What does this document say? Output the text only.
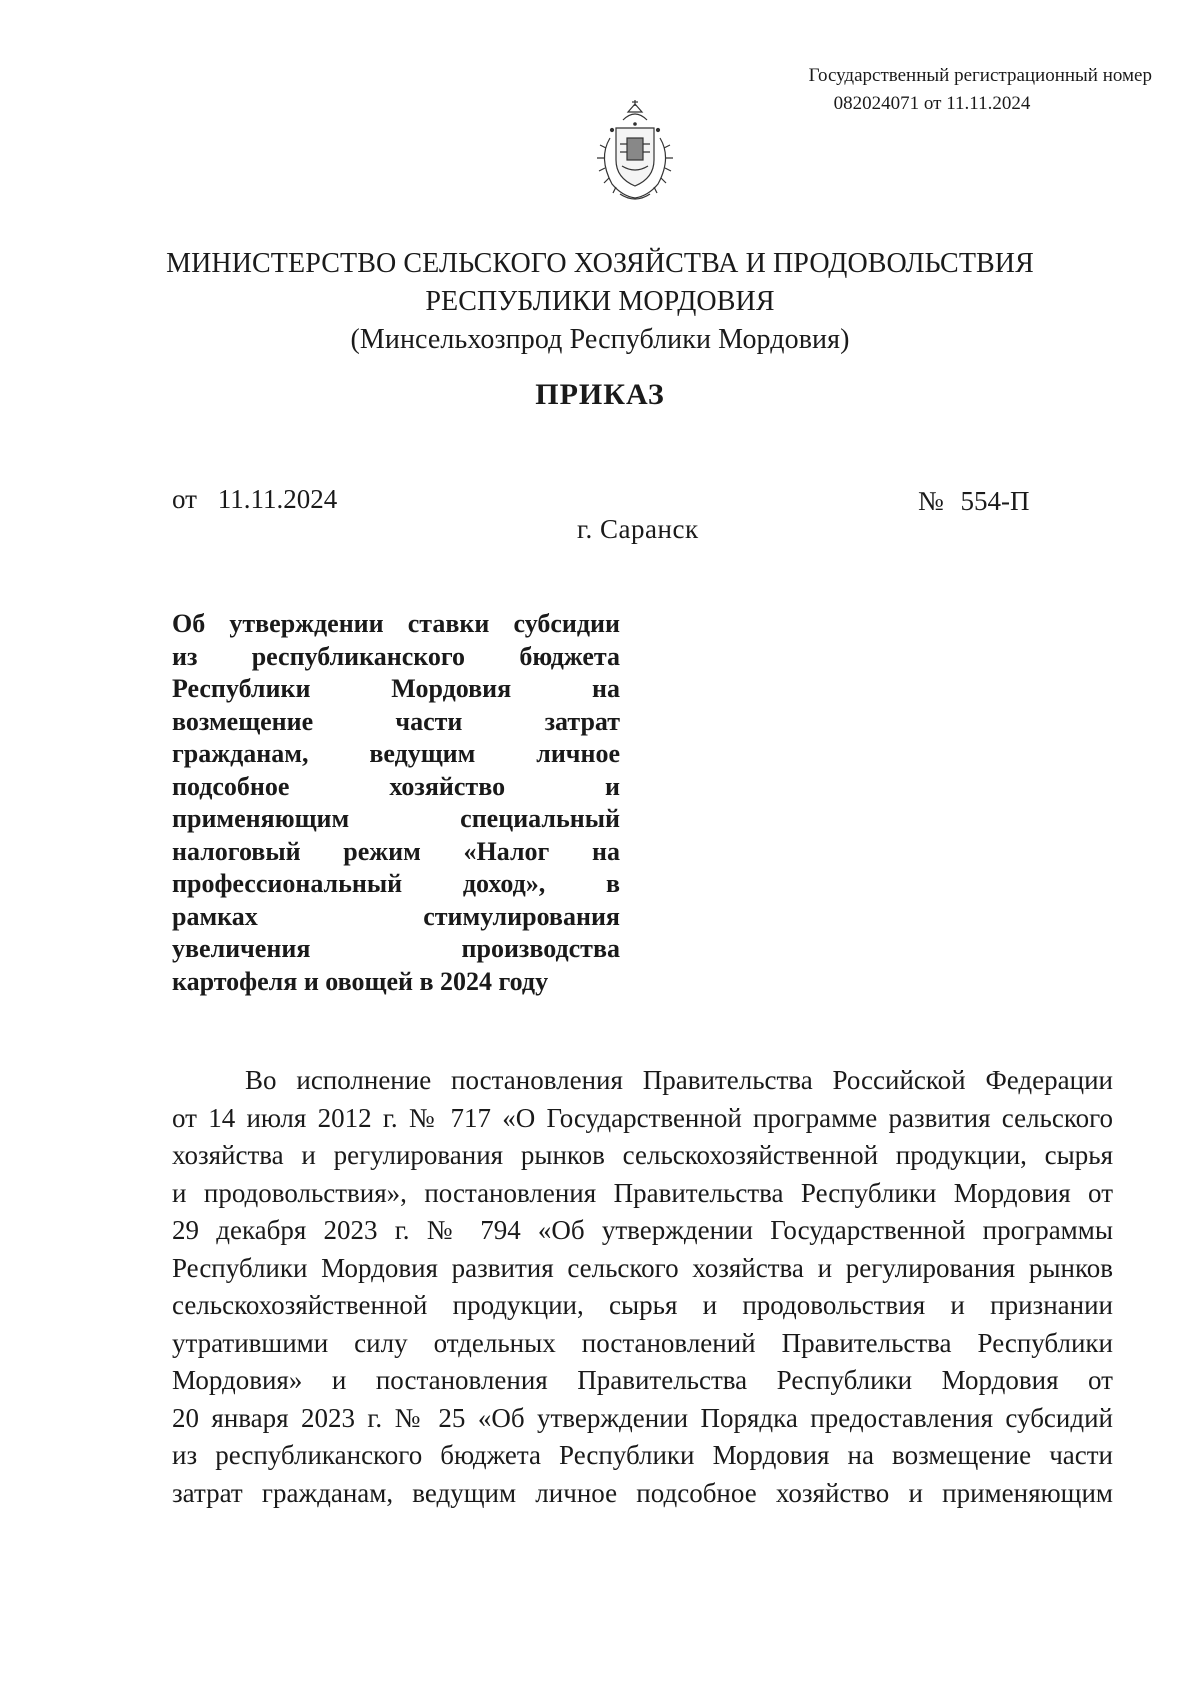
Государственный регистрационный номер
082024071 от 11.11.2024
МИНИСТЕРСТВО СЕЛЬСКОГО ХОЗЯЙСТВА И ПРОДОВОЛЬСТВИЯ
РЕСПУБЛИКИ МОРДОВИЯ
(Минсельхозпрод Республики Мордовия)
ПРИКАЗ
от 11.11.2024	№ 554-П
г. Саранск
Об утверждении ставки субсидии
из республиканского бюджета
Республики Мордовия на
возмещение части затрат
гражданам, ведущим личное
подсобное хозяйство и
применяющим специальный
налоговый режим «Налог на
профессиональный доход», в
рамках стимулирования
увеличения производства
картофеля и овощей в 2024 году
Во исполнение постановления Правительства Российской Федерации
от 14 июля 2012 г. № 717 «О Государственной программе развития сельского
хозяйства и регулирования рынков сельскохозяйственной продукции, сырья
и продовольствия», постановления Правительства Республики Мордовия от
29 декабря 2023 г. № 794 «Об утверждении Государственной программы
Республики Мордовия развития сельского хозяйства и регулирования рынков
сельскохозяйственной продукции, сырья и продовольствия и признании
утратившими силу отдельных постановлений Правительства Республики
Мордовия» и постановления Правительства Республики Мордовия от
20 января 2023 г. № 25 «Об утверждении Порядка предоставления субсидий
из республиканского бюджета Республики Мордовия на возмещение части
затрат гражданам, ведущим личное подсобное хозяйство и применяющим
